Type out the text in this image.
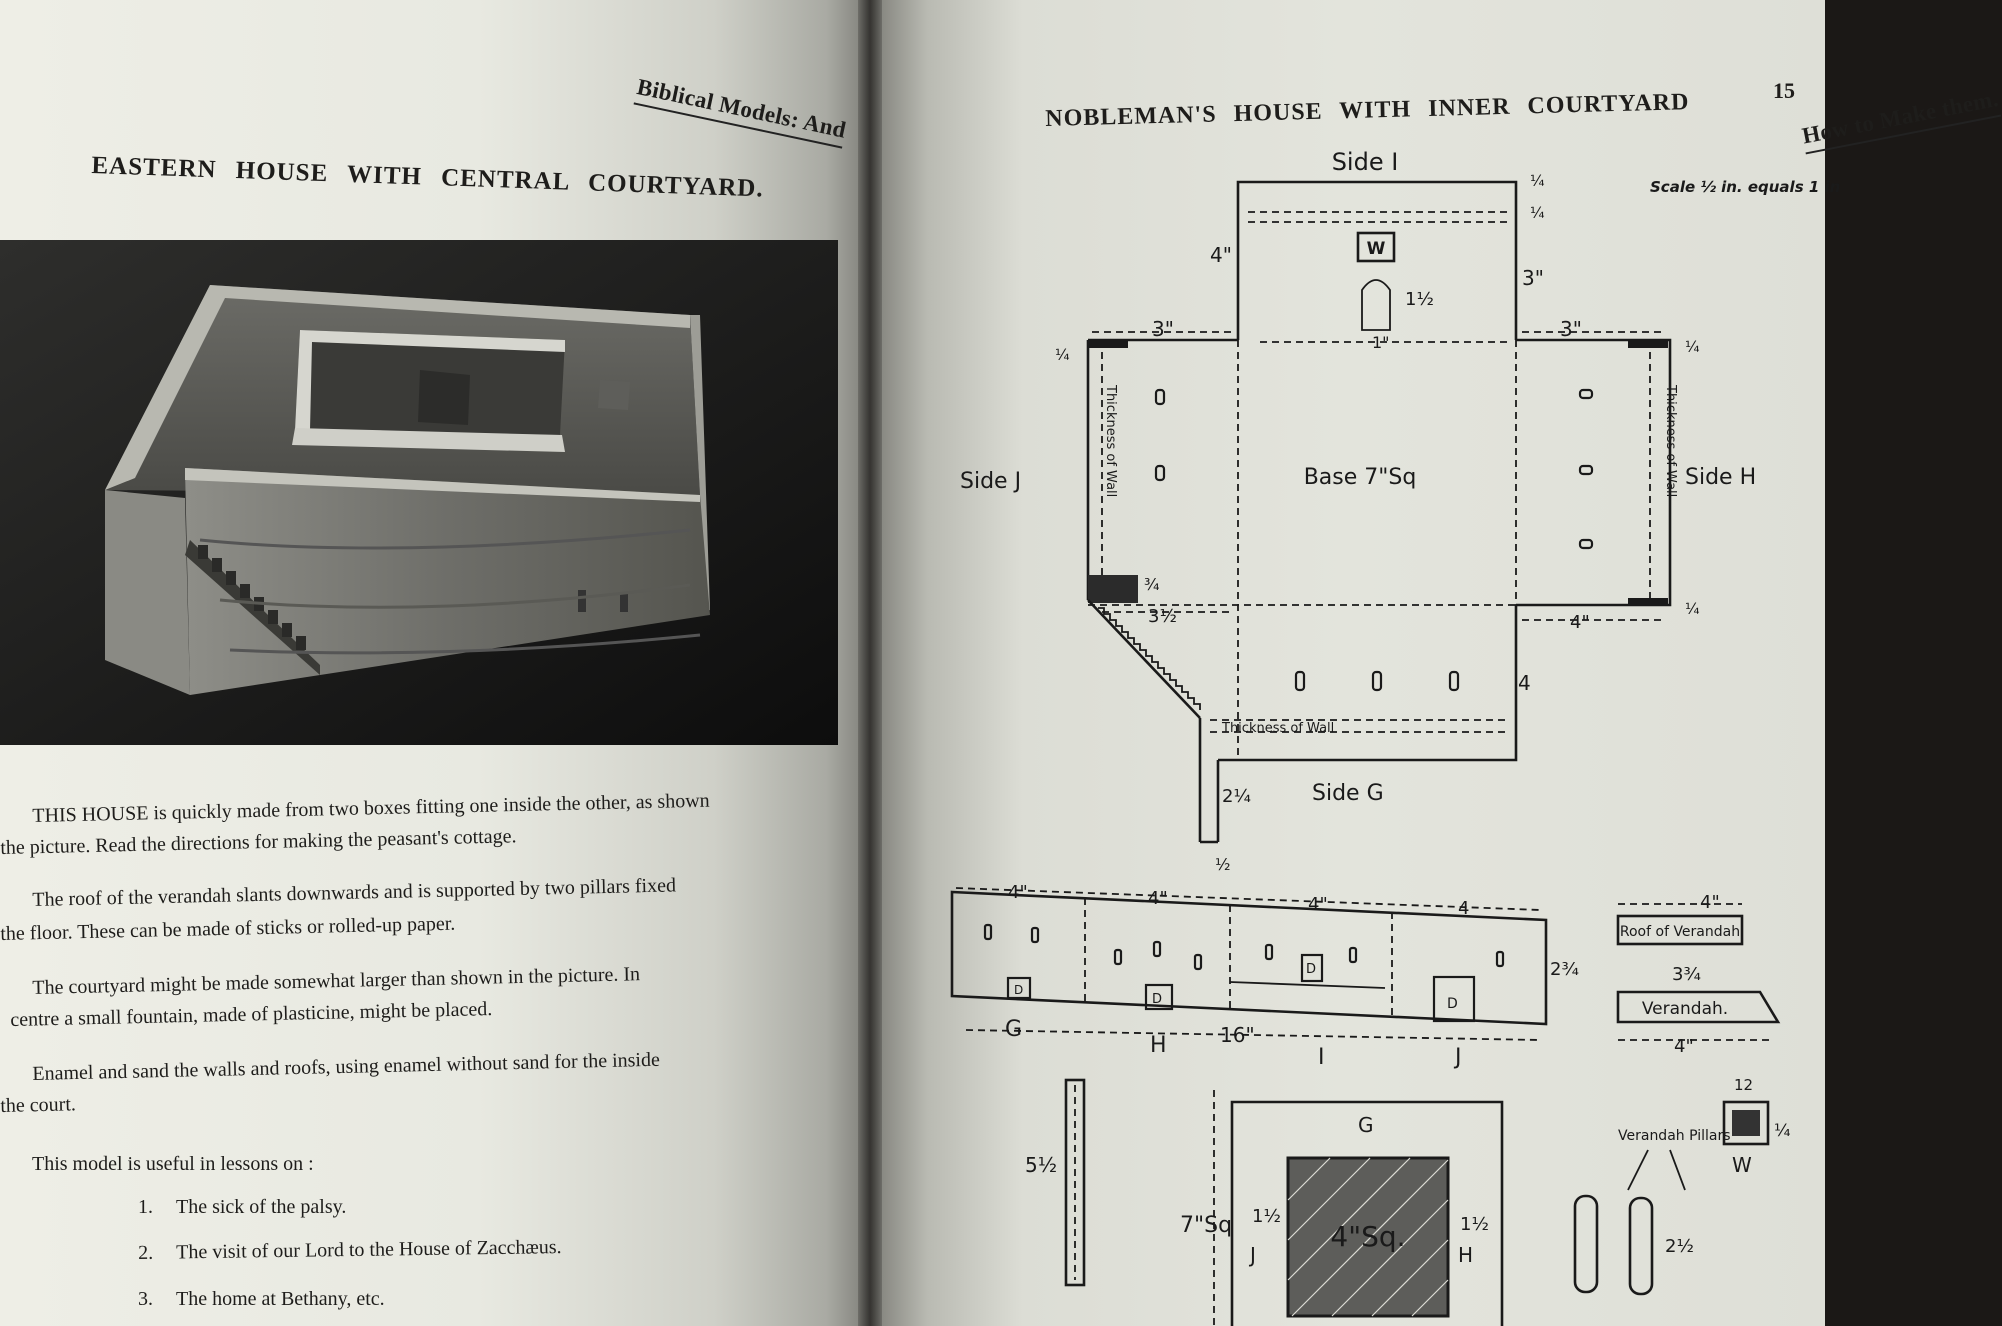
Biblical Models: And
EASTERN HOUSE WITH CENTRAL COURTYARD.
THIS HOUSE is quickly made from two boxes fitting one inside the other, as shown
the picture. Read the directions for making the peasant's cottage.
The roof of the verandah slants downwards and is supported by two pillars fixed
the floor. These can be made of sticks or rolled-up paper.
The courtyard might be made somewhat larger than shown in the picture. In
centre a small fountain, made of plasticine, might be placed.
Enamel and sand the walls and roofs, using enamel without sand for the inside
the court.
This model is useful in lessons on :
1. The sick of the palsy.
2. The visit of our Lord to the House of Zacchæus.
3. The home at Bethany, etc.
How to Make them.
15
NOBLEMAN'S HOUSE WITH INNER COURTYARD
Scale ½ in. equals 1 in
W
Side I
Base 7"Sq
Side J	Side H
Side G
Thickness of Wall
Thickness of Wall	Thickness of Wall
4"
3"
3"	3"
1"
1½
¼
¼
¼	¼
¼
3½
¾
4
4"
2¼
½
D
D
D
D
G
H	I	J
16"
4"	4"	4"	4
2¾
Roof of Verandah
4"
Verandah.
3¾
4"
5½
4"Sq.
G
J	H
7"Sq 1½	1½
Verandah Pillars
2½
W
12
¼
